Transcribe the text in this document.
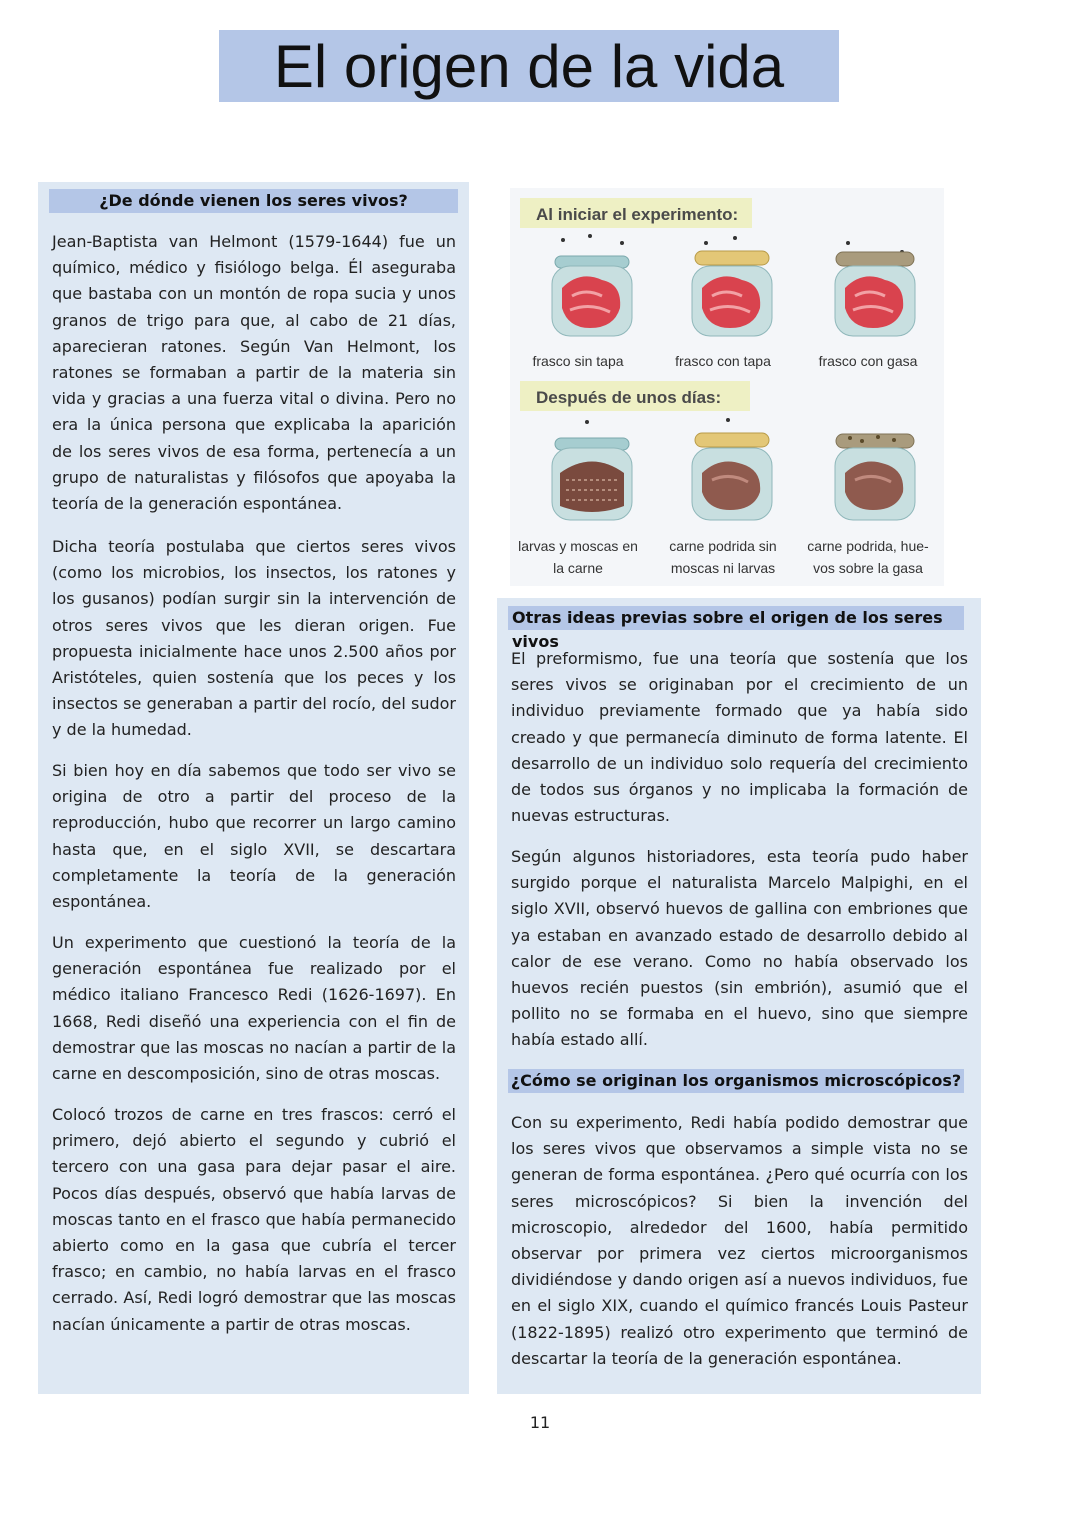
El origen de la vida
¿De dónde vienen los seres vivos?

Jean-Baptista van Helmont (1579-1644) fue un químico, médico y fisiólogo belga. Él aseguraba que bastaba con un montón de ropa sucia y unos granos de trigo para que, al cabo de 21 días, aparecieran ratones. Según Van Helmont, los ratones se formaban a partir de la materia sin vida y gracias a una fuerza vital o divina. Pero no era la única persona que explicaba la aparición de los seres vivos de esa forma, pertenecía a un grupo de naturalistas y filósofos que apoyaba la teoría de la generación espontánea.

Dicha teoría postulaba que ciertos seres vivos (como los microbios, los insectos, los ratones y los gusanos) podían surgir sin la intervención de otros seres vivos que les dieran origen. Fue propuesta inicialmente hace unos 2.500 años por Aristóteles, quien sostenía que los peces y los insectos se generaban a partir del rocío, del sudor y de la humedad.

Si bien hoy en día sabemos que todo ser vivo se origina de otro a partir del proceso de la reproducción, hubo que recorrer un largo camino hasta que, en el siglo XVII, se descartara completamente la teoría de la generación espontánea.

Un experimento que cuestionó la teoría de la generación espontánea fue realizado por el médico italiano Francesco Redi (1626-1697). En 1668, Redi diseñó una experiencia con el fin de demostrar que las moscas no nacían a partir de la carne en descomposición, sino de otras moscas.

Colocó trozos de carne en tres frascos: cerró el primero, dejó abierto el segundo y cubrió el tercero con una gasa para dejar pasar el aire. Pocos días después, observó que había larvas de moscas tanto en el frasco que había permanecido abierto como en la gasa que cubría el tercer frasco; en cambio, no había larvas en el frasco cerrado. Así, Redi logró demostrar que las moscas nacían únicamente a partir de otras moscas.

Al iniciar el experimento:
frasco sin tapa	frasco con tapa	frasco con gasa
Después de unos días:
larvas y moscas en
la carne
carne podrida sin
moscas ni larvas
carne podrida, hue-
vos sobre la gasa
Otras ideas previas sobre el origen de los seres vivos

El preformismo, fue una teoría que sostenía que los seres vivos se originaban por el crecimiento de un individuo previamente formado que ya había sido creado y que permanecía diminuto de forma latente. El desarrollo de un individuo solo requería del crecimiento de todos sus órganos y no implicaba la formación de nuevas estructuras.

Según algunos historiadores, esta teoría pudo haber surgido porque el naturalista Marcelo Malpighi, en el siglo XVII, observó huevos de gallina con embriones que ya estaban en avanzado estado de desarrollo debido al calor de ese verano. Como no había observado los huevos recién puestos (sin embrión), asumió que el pollito no se formaba en el huevo, sino que siempre había estado allí.

¿Cómo se originan los organismos microscópicos?

Con su experimento, Redi había podido demostrar que los seres vivos que observamos a simple vista no se generan de forma espontánea. ¿Pero qué ocurría con los seres microscópicos? Si bien la invención del microscopio, alrededor del 1600, había permitido observar por primera vez ciertos microorganismos dividiéndose y dando origen así a nuevos individuos, fue en el siglo XIX, cuando el químico francés Louis Pasteur (1822-1895) realizó otro experimento que terminó de descartar la teoría de la generación espontánea.

11
